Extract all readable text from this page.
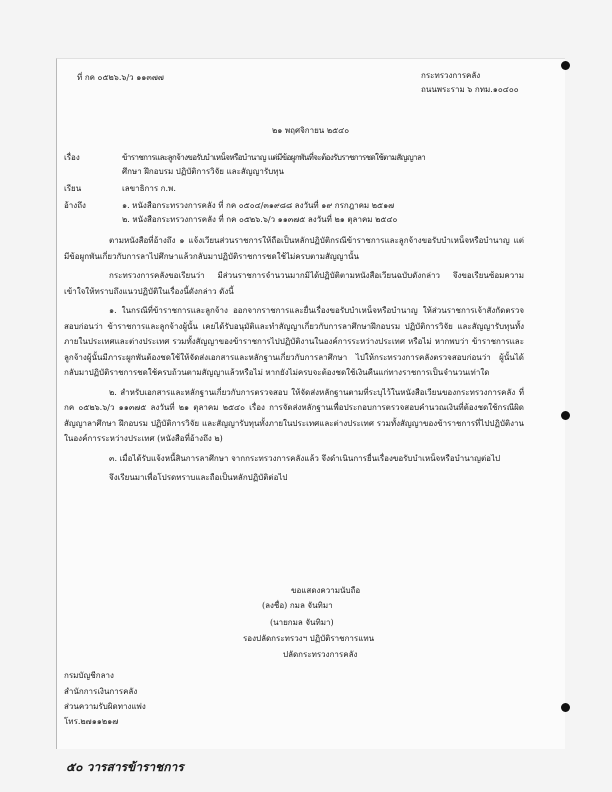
ที่ กค ๐๕๒๖.๖/ว ๑๑๓๗๗	กระทรวงการคลัง
ถนนพระราม ๖ กทม.๑๐๔๐๐
๒๑ พฤศจิกายน ๒๕๔๐
เรื่อง	ข้าราชการและลูกจ้างขอรับบำเหน็จหรือบำนาญ แต่มีข้อผูกพันที่จะต้องรับราชการชดใช้ตามสัญญาลา
ศึกษา ฝึกอบรม ปฏิบัติการวิจัย และสัญญารับทุน
เรียน	เลขาธิการ ก.พ.
อ้างถึง	๑. หนังสือกระทรวงการคลัง ที่ กค ๐๕๐๔/๓๑๙๘๘ ลงวันที่ ๑๙ กรกฎาคม ๒๕๑๗
๒. หนังสือกระทรวงการคลัง ที่ กค ๐๕๒๖.๖/ว ๑๑๓๗๕ ลงวันที่ ๒๑ ตุลาคม ๒๕๔๐

ตามหนังสือที่อ้างถึง ๑ แจ้งเวียนส่วนราชการให้ถือเป็นหลักปฏิบัติกรณีข้าราชการและลูกจ้างขอรับบำเหน็จหรือบำนาญ แต่มีข้อผูกพันเกี่ยวกับการลาไปศึกษาแล้วกลับมาปฏิบัติราชการชดใช้ไม่ครบตามสัญญานั้น

กระทรวงการคลังขอเรียนว่า มีส่วนราชการจำนวนมากมิได้ปฏิบัติตามหนังสือเวียนฉบับดังกล่าว จึงขอเรียนซ้อมความเข้าใจให้ทราบถึงแนวปฏิบัติในเรื่องนี้ดังกล่าว ดังนี้

๑. ในกรณีที่ข้าราชการและลูกจ้าง ออกจากราชการและยื่นเรื่องขอรับบำเหน็จหรือบำนาญ ให้ส่วนราชการเจ้าสังกัดตรวจสอบก่อนว่า ข้าราชการและลูกจ้างผู้นั้น เคยได้รับอนุมัติและทำสัญญาเกี่ยวกับการลาศึกษาฝึกอบรม ปฏิบัติการวิจัย และสัญญารับทุนทั้งภายในประเทศและต่างประเทศ รวมทั้งสัญญาของข้าราชการไปปฏิบัติงานในองค์การระหว่างประเทศ หรือไม่ หากพบว่า ข้าราชการและลูกจ้างผู้นั้นมีภาระผูกพันต้องชดใช้ให้จัดส่งเอกสารและหลักฐานเกี่ยวกับการลาศึกษา ไปให้กระทรวงการคลังตรวจสอบก่อนว่า ผู้นั้นได้กลับมาปฏิบัติราชการชดใช้ครบถ้วนตามสัญญาแล้วหรือไม่ หากยังไม่ครบจะต้องชดใช้เงินคืนแก่ทางราชการเป็นจำนวนเท่าใด

๒. สำหรับเอกสารและหลักฐานเกี่ยวกับการตรวจสอบ ให้จัดส่งหลักฐานตามที่ระบุไว้ในหนังสือเวียนของกระทรวงการคลัง ที่ กค ๐๕๒๖.๖/ว ๑๑๓๗๕ ลงวันที่ ๒๑ ตุลาคม ๒๕๔๐ เรื่อง การจัดส่งหลักฐานเพื่อประกอบการตรวจสอบคำนวณเงินที่ต้องชดใช้กรณีผิดสัญญาลาศึกษา ฝึกอบรม ปฏิบัติการวิจัย และสัญญารับทุนทั้งภายในประเทศและต่างประเทศ รวมทั้งสัญญาของข้าราชการที่ไปปฏิบัติงานในองค์การระหว่างประเทศ (หนังสือที่อ้างถึง ๒)

๓. เมื่อได้รับแจ้งหนี้สินการลาศึกษา จากกระทรวงการคลังแล้ว จึงดำเนินการยื่นเรื่องขอรับบำเหน็จหรือบำนาญต่อไป

จึงเรียนมาเพื่อโปรดทราบและถือเป็นหลักปฏิบัติต่อไป

ขอแสดงความนับถือ
(ลงชื่อ) กมล จันทิมา
(นายกมล จันทิมา)
รองปลัดกระทรวงฯ ปฏิบัติราชการแทน
ปลัดกระทรวงการคลัง
กรมบัญชีกลาง
สำนักการเงินการคลัง
ส่วนความรับผิดทางแพ่ง
โทร.๒๗๑๑๒๑๗
๕๐ วารสารข้าราชการ
